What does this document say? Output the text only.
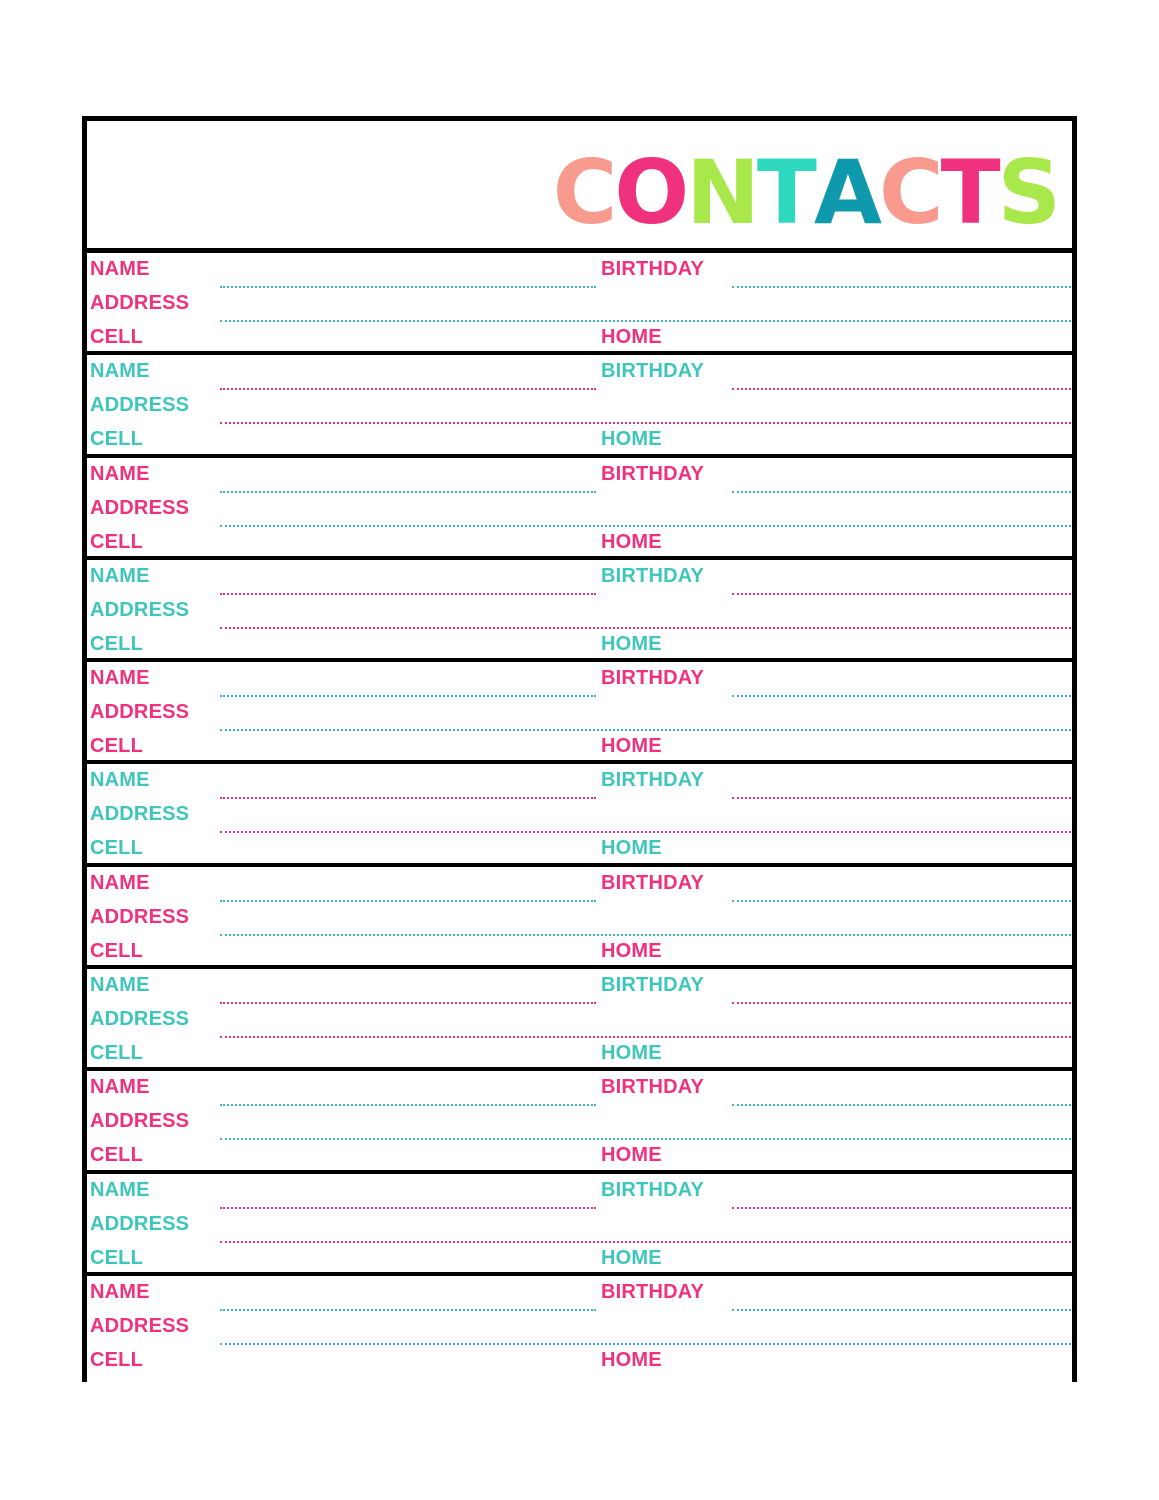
CONTACTS
NAME
ADDRESS
CELL
BIRTHDAY
HOME
NAME
ADDRESS
CELL
BIRTHDAY
HOME
NAME
ADDRESS
CELL
BIRTHDAY
HOME
NAME
ADDRESS
CELL
BIRTHDAY
HOME
NAME
ADDRESS
CELL
BIRTHDAY
HOME
NAME
ADDRESS
CELL
BIRTHDAY
HOME
NAME
ADDRESS
CELL
BIRTHDAY
HOME
NAME
ADDRESS
CELL
BIRTHDAY
HOME
NAME
ADDRESS
CELL
BIRTHDAY
HOME
NAME
ADDRESS
CELL
BIRTHDAY
HOME
NAME
ADDRESS
CELL
BIRTHDAY
HOME
